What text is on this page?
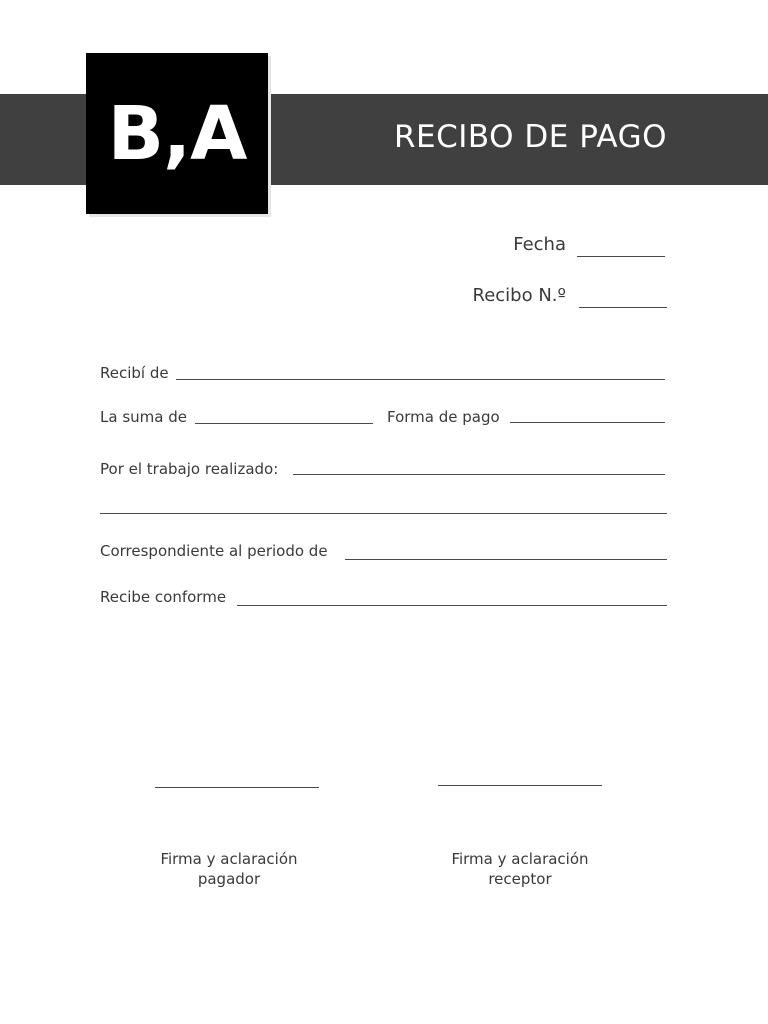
B,A	RECIBO DE PAGO
Fecha
Recibo N.º
Recibí de
La suma de	Forma de pago
Por el trabajo realizado:
Correspondiente al periodo de
Recibe conforme
Firma y aclaración
pagador
Firma y aclaración
receptor
